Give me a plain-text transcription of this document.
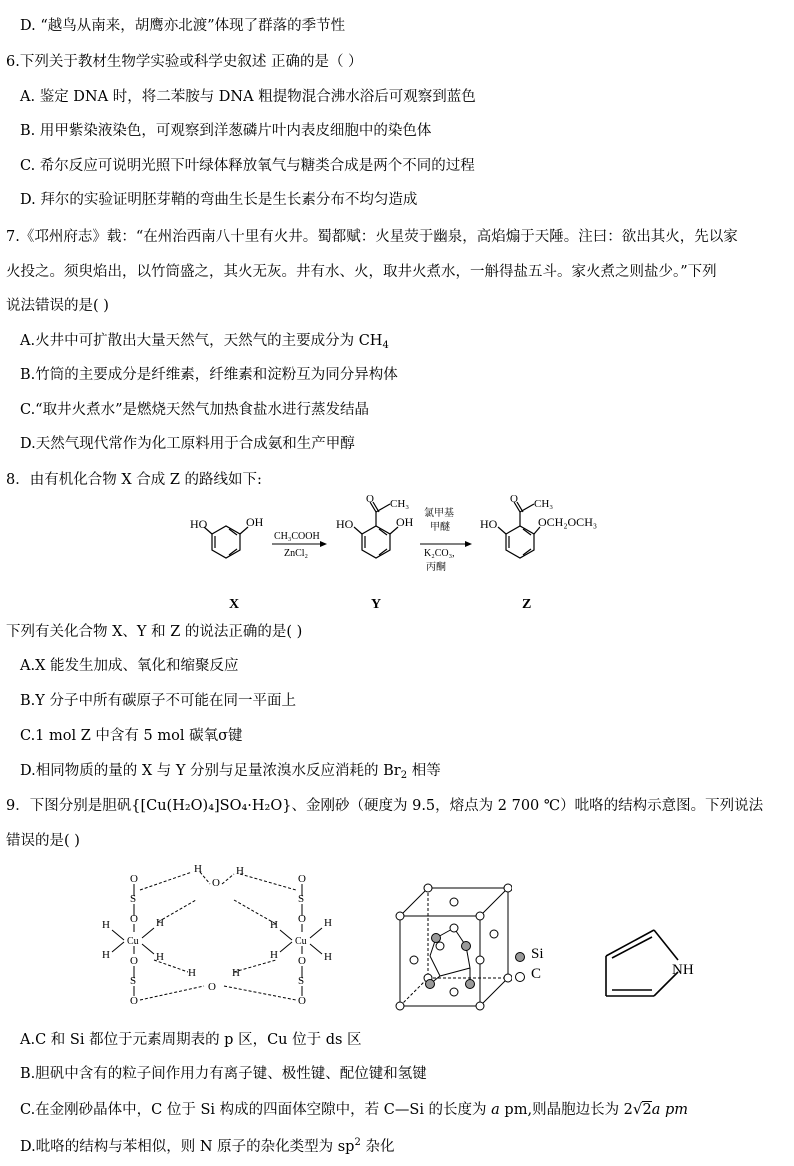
D. “越鸟从南来，胡鹰亦北渡”体现了群落的季节性
6.下列关于教材生物学实验或科学史叙述 正确的是（ ）
A. 鉴定 DNA 时，将二苯胺与 DNA 粗提物混合沸水浴后可观察到蓝色
B. 用甲紫染液染色，可观察到洋葱磷片叶内表皮细胞中的染色体
C. 希尔反应可说明光照下叶绿体释放氧气与糖类合成是两个不同的过程
D. 拜尔的实验证明胚芽鞘的弯曲生长是生长素分布不均匀造成
7.《邛州府志》载：“在州治西南八十里有火井。蜀都赋：火星荧于幽泉，高焰煽于天陲。注曰：欲出其火，先以家
火投之。须臾焰出，以竹筒盛之，其火无灰。井有水、火，取井火煮水，一斛得盐五斗。家火煮之则盐少。”下列
说法错误的是( )
A.火井中可扩散出大量天然气，天然气的主要成分为 $CH_4$
B.竹筒的主要成分是纤维素，纤维素和淀粉互为同分异构体
C.“取井火煮水”是燃烧天然气加热食盐水进行蒸发结晶
D.天然气现代常作为化工原料用于合成氨和生产甲醇
8．由有机化合物 X 合成 Z 的路线如下:
HO	OH
CH₃COOH
ZnCl₂
O CH₃
HO	OH
氯甲基
甲醚
K₂CO₃,
丙酮
O CH₃
HO	OCH₂OCH₃
X	Y	Z
下列有关化合物 X、Y 和 Z 的说法正确的是( )
A.X 能发生加成、氧化和缩聚反应
B.Y 分子中所有碳原子不可能在同一平面上
C.1 mol Z 中含有 5 mol 碳氧σ键
D.相同物质的量的 X 与 Y 分别与足量浓溴水反应消耗的 $Br_2$ 相等
9．下图分别是胆矾{[Cu(H₂O)₄]SO₄·H₂O}、金刚砂（硬度为 9.5，熔点为 2 700 ℃）吡咯的结构示意图。下列说法
错误的是( )
O
S
O
Cu
O
S
O
H
H
H
H
H
O
H
O
H	H
O
S
O
Cu
O
S
O
H
H
H
H	Si
C	NH
A.C 和 Si 都位于元素周期表的 p 区，Cu 位于 ds 区
B.胆矾中含有的粒子间作用力有离子键、极性键、配位键和氢键
C.在金刚砂晶体中，C 位于 Si 构成的四面体空隙中，若 C—Si 的长度为 a pm,则晶胞边长为 2√2a pm
D.吡咯的结构与苯相似，则 N 原子的杂化类型为 $sp^2$ 杂化
